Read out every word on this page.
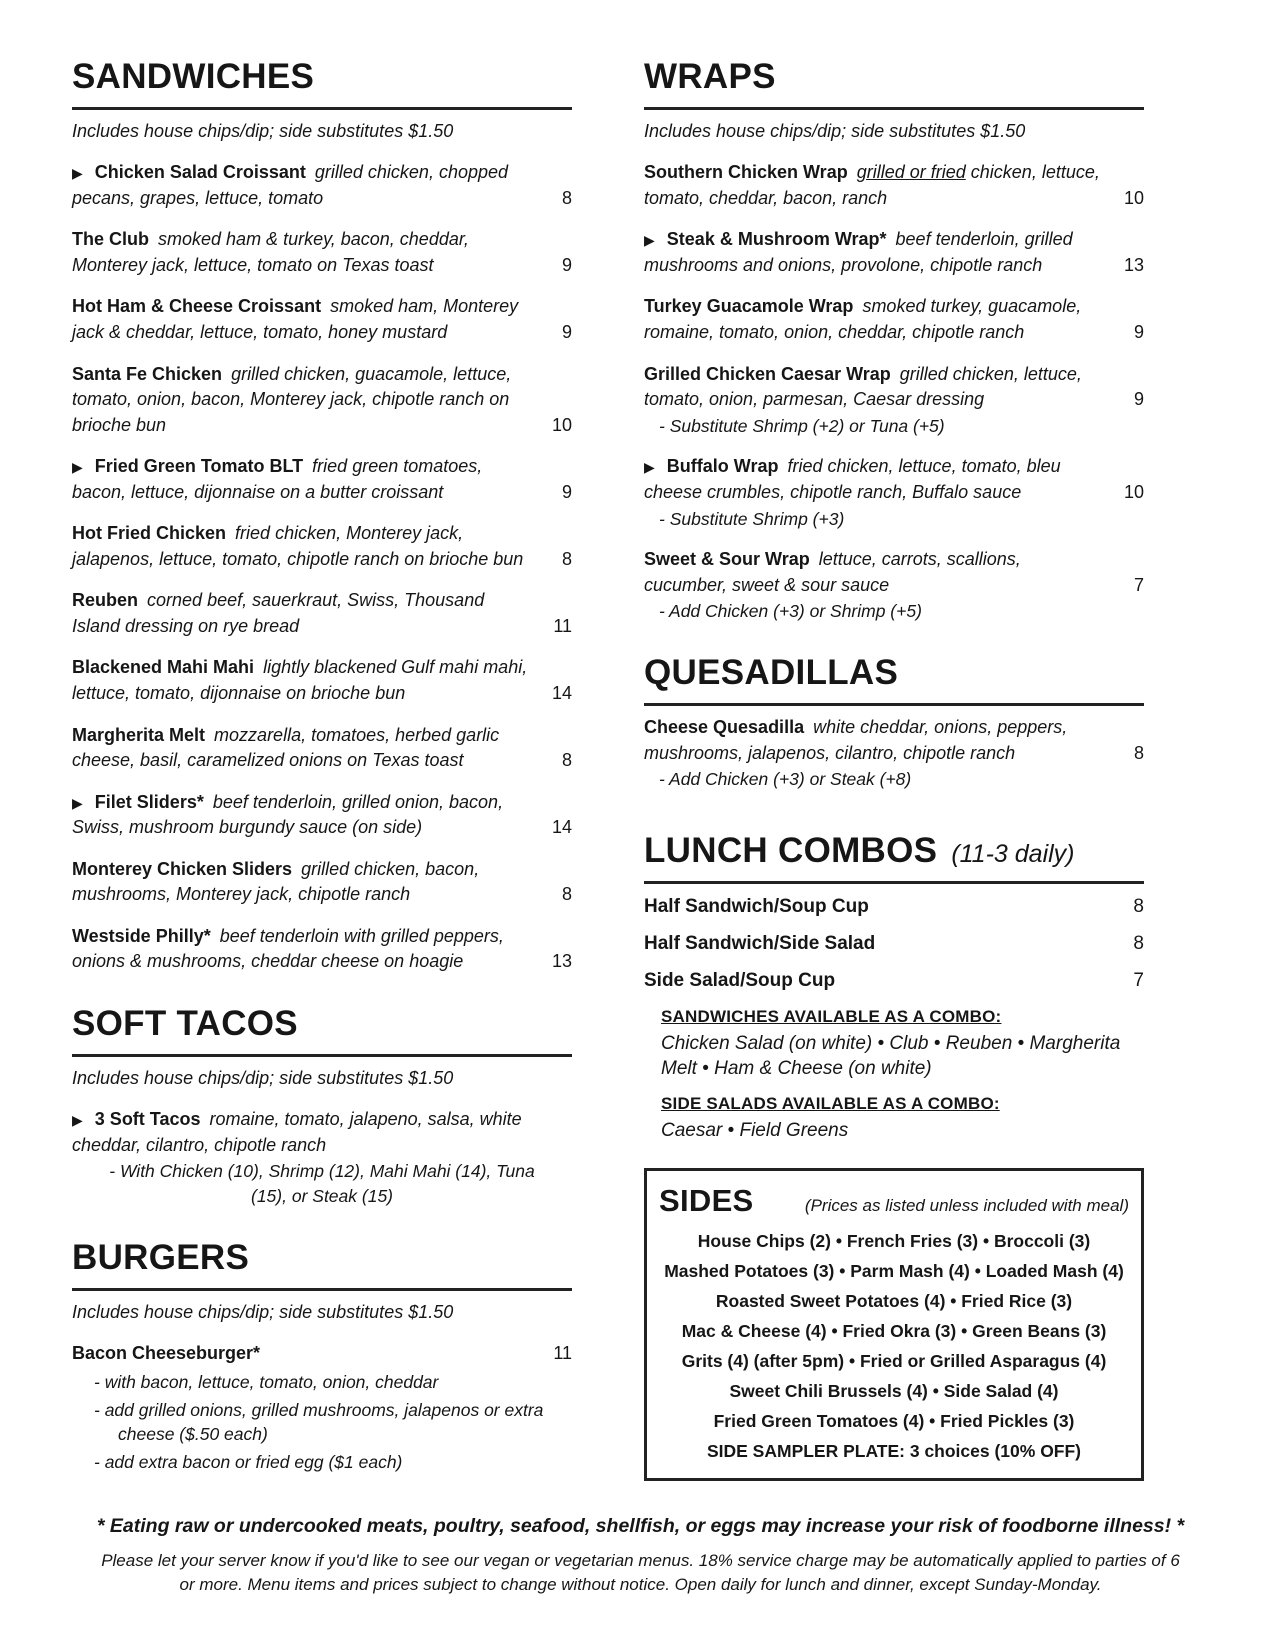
SANDWICHES

Includes house chips/dip; side substitutes $1.50

▶ Chicken Salad Croissant grilled chicken, chopped pecans, grapes, lettuce, tomato	8
The Club smoked ham & turkey, bacon, cheddar, Monterey jack, lettuce, tomato on Texas toast	9
Hot Ham & Cheese Croissant smoked ham, Monterey jack & cheddar, lettuce, tomato, honey mustard	9
Santa Fe Chicken grilled chicken, guacamole, lettuce, tomato, onion, bacon, Monterey jack, chipotle ranch on brioche bun	10
▶ Fried Green Tomato BLT fried green tomatoes, bacon, lettuce, dijonnaise on a butter croissant	9
Hot Fried Chicken fried chicken, Monterey jack, jalapenos, lettuce, tomato, chipotle ranch on brioche bun 8
Reuben corned beef, sauerkraut, Swiss, Thousand Island dressing on rye bread	11
Blackened Mahi Mahi lightly blackened Gulf mahi mahi, lettuce, tomato, dijonnaise on brioche bun	14
Margherita Melt mozzarella, tomatoes, herbed garlic cheese, basil, caramelized onions on Texas toast	8
▶ Filet Sliders* beef tenderloin, grilled onion, bacon, Swiss, mushroom burgundy sauce (on side)	14
Monterey Chicken Sliders grilled chicken, bacon, mushrooms, Monterey jack, chipotle ranch	8
Westside Philly* beef tenderloin with grilled peppers, onions & mushrooms, cheddar cheese on hoagie	13
SOFT TACOS

Includes house chips/dip; side substitutes $1.50

▶ 3 Soft Tacos romaine, tomato, jalapeno, salsa, white cheddar, cilantro, chipotle ranch
- With Chicken (10), Shrimp (12), Mahi Mahi (14), Tuna (15), or Steak (15)
BURGERS

Includes house chips/dip; side substitutes $1.50

Bacon Cheeseburger*	11
- with bacon, lettuce, tomato, onion, cheddar
- add grilled onions, grilled mushrooms, jalapenos or extra cheese ($.50 each)
- add extra bacon or fried egg ($1 each)
WRAPS

Includes house chips/dip; side substitutes $1.50

Southern Chicken Wrap grilled or fried chicken, lettuce, tomato, cheddar, bacon, ranch	10
▶ Steak & Mushroom Wrap* beef tenderloin, grilled mushrooms and onions, provolone, chipotle ranch	13
Turkey Guacamole Wrap smoked turkey, guacamole, romaine, tomato, onion, cheddar, chipotle ranch	9
Grilled Chicken Caesar Wrap grilled chicken, lettuce, tomato, onion, parmesan, Caesar dressing	9
- Substitute Shrimp (+2) or Tuna (+5)
▶ Buffalo Wrap fried chicken, lettuce, tomato, bleu cheese crumbles, chipotle ranch, Buffalo sauce	10
- Substitute Shrimp (+3)
Sweet & Sour Wrap lettuce, carrots, scallions, cucumber, sweet & sour sauce	7
- Add Chicken (+3) or Shrimp (+5)
QUESADILLAS
Cheese Quesadilla white cheddar, onions, peppers, mushrooms, jalapenos, cilantro, chipotle ranch	8
- Add Chicken (+3) or Steak (+8)
LUNCH COMBOS (11-3 daily)
Half Sandwich/Soup Cup	8
Half Sandwich/Side Salad	8
Side Salad/Soup Cup	7
SANDWICHES AVAILABLE AS A COMBO:
Chicken Salad (on white) • Club • Reuben • Margherita Melt • Ham & Cheese (on white)
SIDE SALADS AVAILABLE AS A COMBO:
Caesar • Field Greens
SIDES	(Prices as listed unless included with meal)
House Chips (2) • French Fries (3) • Broccoli (3)
Mashed Potatoes (3) • Parm Mash (4) • Loaded Mash (4)
Roasted Sweet Potatoes (4) • Fried Rice (3)
Mac & Cheese (4) • Fried Okra (3) • Green Beans (3)
Grits (4) (after 5pm) • Fried or Grilled Asparagus (4)
Sweet Chili Brussels (4) • Side Salad (4)
Fried Green Tomatoes (4) • Fried Pickles (3)
SIDE SAMPLER PLATE: 3 choices (10% OFF)
* Eating raw or undercooked meats, poultry, seafood, shellfish, or eggs may increase your risk of foodborne illness! *
Please let your server know if you'd like to see our vegan or vegetarian menus. 18% service charge may be automatically applied to parties of 6 or more. Menu items and prices subject to change without notice. Open daily for lunch and dinner, except Sunday-Monday.
